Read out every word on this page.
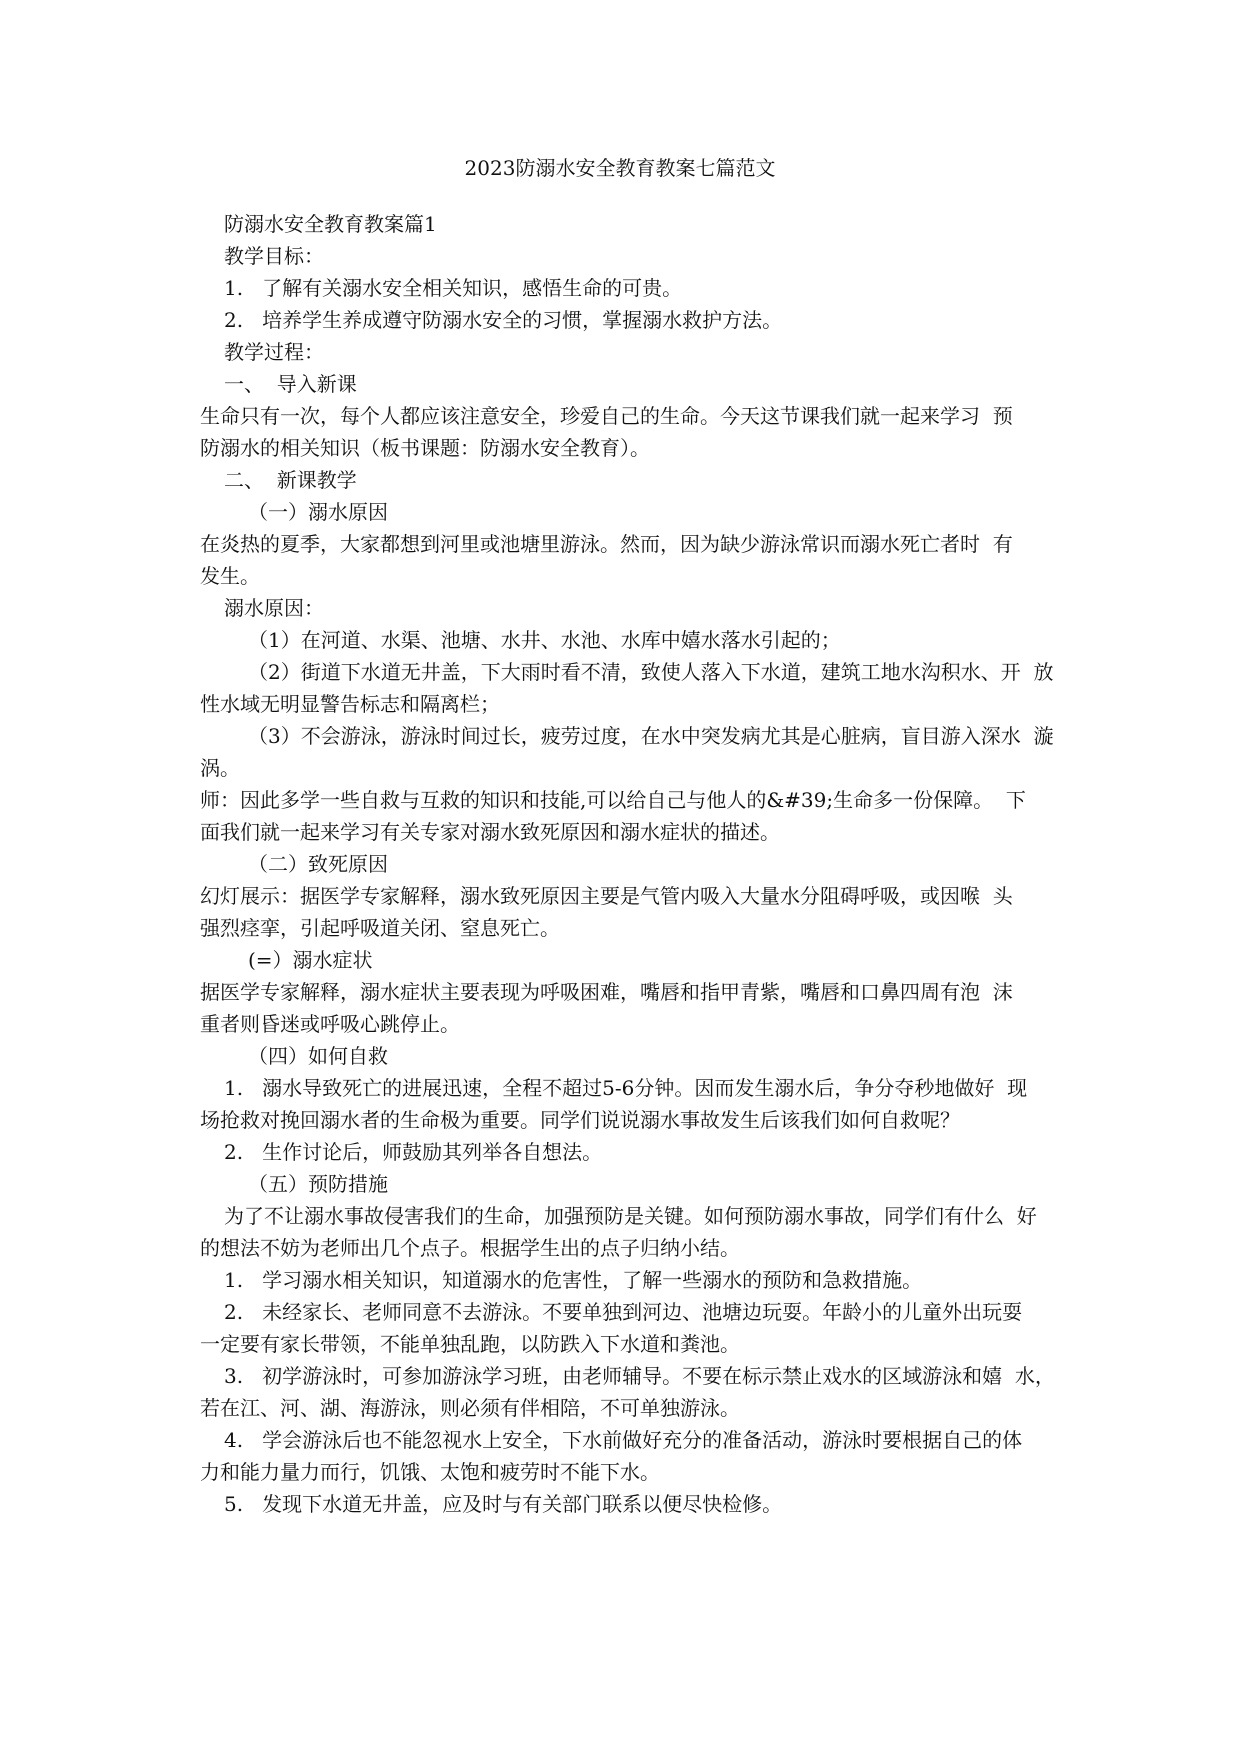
2023防溺水安全教育教案七篇范文

防溺水安全教育教案篇1

教学目标：

1.   了解有关溺水安全相关知识，感悟生命的可贵。

2.   培养学生养成遵守防溺水安全的习惯，掌握溺水救护方法。

教学过程：

一、  导入新课

生命只有一次，每个人都应该注意安全，珍爱自己的生命。今天这节课我们就一起来学习  预

防溺水的相关知识（板书课题：防溺水安全教育）。

二、  新课教学

（一）溺水原因

在炎热的夏季，大家都想到河里或池塘里游泳。然而，因为缺少游泳常识而溺水死亡者时  有

发生。

溺水原因：

（1）在河道、水渠、池塘、水井、水池、水库中嬉水落水引起的；

（2）街道下水道无井盖，下大雨时看不清，致使人落入下水道，建筑工地水沟积水、开  放

性水域无明显警告标志和隔离栏；

（3）不会游泳，游泳时间过长，疲劳过度，在水中突发病尤其是心脏病，盲目游入深水  漩

涡。

师：因此多学一些自救与互救的知识和技能,可以给自己与他人的&#39;生命多一份保障。  下

面我们就一起来学习有关专家对溺水致死原因和溺水症状的描述。

（二）致死原因

幻灯展示：据医学专家解释，溺水致死原因主要是气管内吸入大量水分阻碍呼吸，或因喉  头

强烈痉挛，引起呼吸道关闭、窒息死亡。

(=）溺水症状

据医学专家解释，溺水症状主要表现为呼吸困难，嘴唇和指甲青紫，嘴唇和口鼻四周有泡  沫

重者则昏迷或呼吸心跳停止。

（四）如何自救

1.   溺水导致死亡的进展迅速，全程不超过5-6分钟。因而发生溺水后，争分夺秒地做好  现

场抢救对挽回溺水者的生命极为重要。同学们说说溺水事故发生后该我们如何自救呢？

2.   生作讨论后，师鼓励其列举各自想法。

（五）预防措施

为了不让溺水事故侵害我们的生命，加强预防是关键。如何预防溺水事故，同学们有什么  好

的想法不妨为老师出几个点子。根据学生出的点子归纳小结。

1.   学习溺水相关知识，知道溺水的危害性，了解一些溺水的预防和急救措施。

2.   未经家长、老师同意不去游泳。不要单独到河边、池塘边玩耍。年龄小的儿童外出玩耍

一定要有家长带领，不能单独乱跑，以防跌入下水道和粪池。

3.   初学游泳时，可参加游泳学习班，由老师辅导。不要在标示禁止戏水的区域游泳和嬉  水，

若在江、河、湖、海游泳，则必须有伴相陪，不可单独游泳。

4.   学会游泳后也不能忽视水上安全，下水前做好充分的准备活动，游泳时要根据自己的体

力和能力量力而行，饥饿、太饱和疲劳时不能下水。

5.   发现下水道无井盖，应及时与有关部门联系以便尽快检修。
